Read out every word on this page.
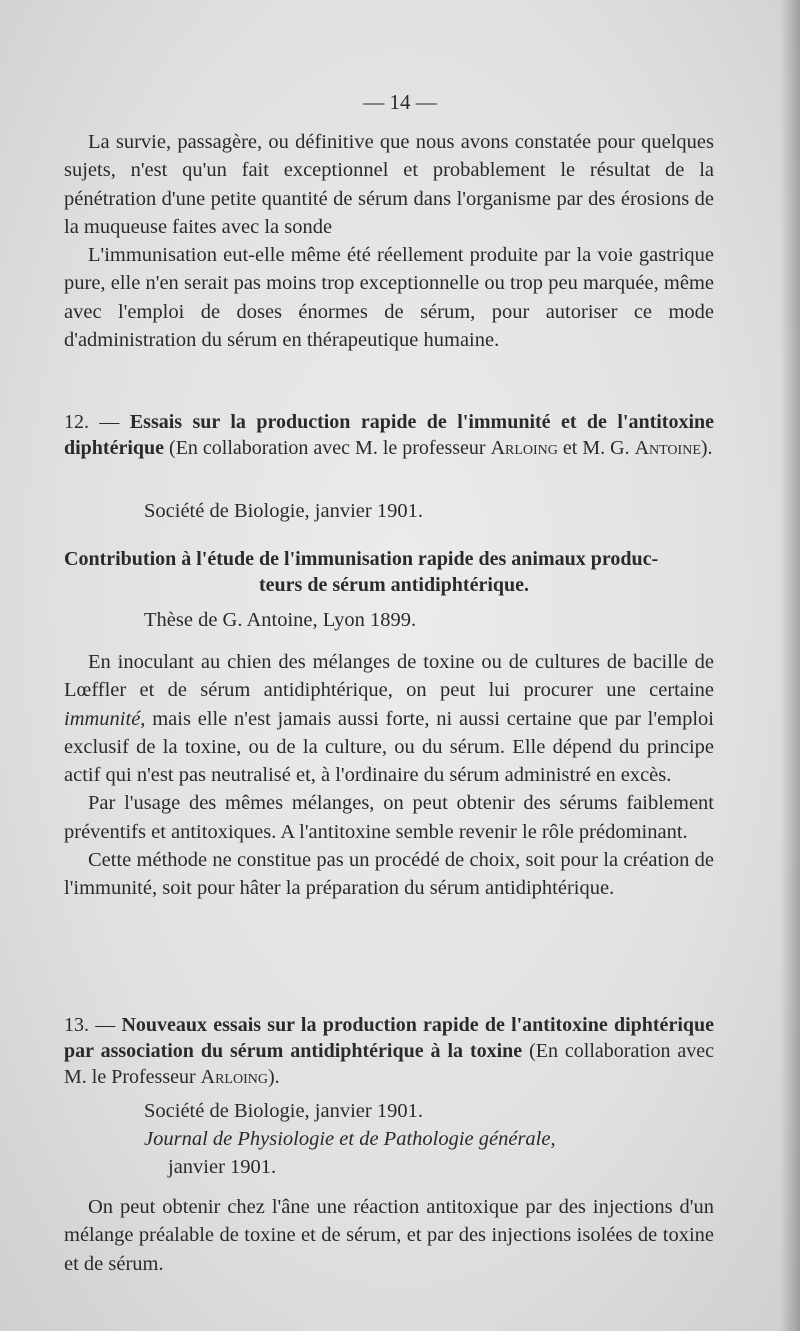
— 14 —

La survie, passagère, ou définitive que nous avons constatée pour quelques sujets, n'est qu'un fait exceptionnel et probablement le résultat de la pénétration d'une petite quantité de sérum dans l'organisme par des érosions de la muqueuse faites avec la sonde

L'immunisation eut-elle même été réellement produite par la voie gastrique pure, elle n'en serait pas moins trop exceptionnelle ou trop peu marquée, même avec l'emploi de doses énormes de sérum, pour autoriser ce mode d'administration du sérum en thérapeutique humaine.

12. — Essais sur la production rapide de l'immunité et de l'antitoxine diphtérique (En collaboration avec M. le professeur Arloing et M. G. Antoine).
Société de Biologie, janvier 1901.
Contribution à l'étude de l'immunisation rapide des animaux produc-
teurs de sérum antidiphtérique.
Thèse de G. Antoine, Lyon 1899.

En inoculant au chien des mélanges de toxine ou de cultures de bacille de Lœffler et de sérum antidiphtérique, on peut lui procurer une certaine immunité, mais elle n'est jamais aussi forte, ni aussi certaine que par l'emploi exclusif de la toxine, ou de la culture, ou du sérum. Elle dépend du principe actif qui n'est pas neutralisé et, à l'ordinaire du sérum administré en excès.

Par l'usage des mêmes mélanges, on peut obtenir des sérums faiblement préventifs et antitoxiques. A l'antitoxine semble revenir le rôle prédominant.

Cette méthode ne constitue pas un procédé de choix, soit pour la création de l'immunité, soit pour hâter la préparation du sérum antidiphtérique.

13. — Nouveaux essais sur la production rapide de l'antitoxine diphtérique par association du sérum antidiphtérique à la toxine (En collaboration avec M. le Professeur Arloing).
Société de Biologie, janvier 1901.
Journal de Physiologie et de Pathologie générale,
janvier 1901.

On peut obtenir chez l'âne une réaction antitoxique par des injections d'un mélange préalable de toxine et de sérum, et par des injections isolées de toxine et de sérum.
